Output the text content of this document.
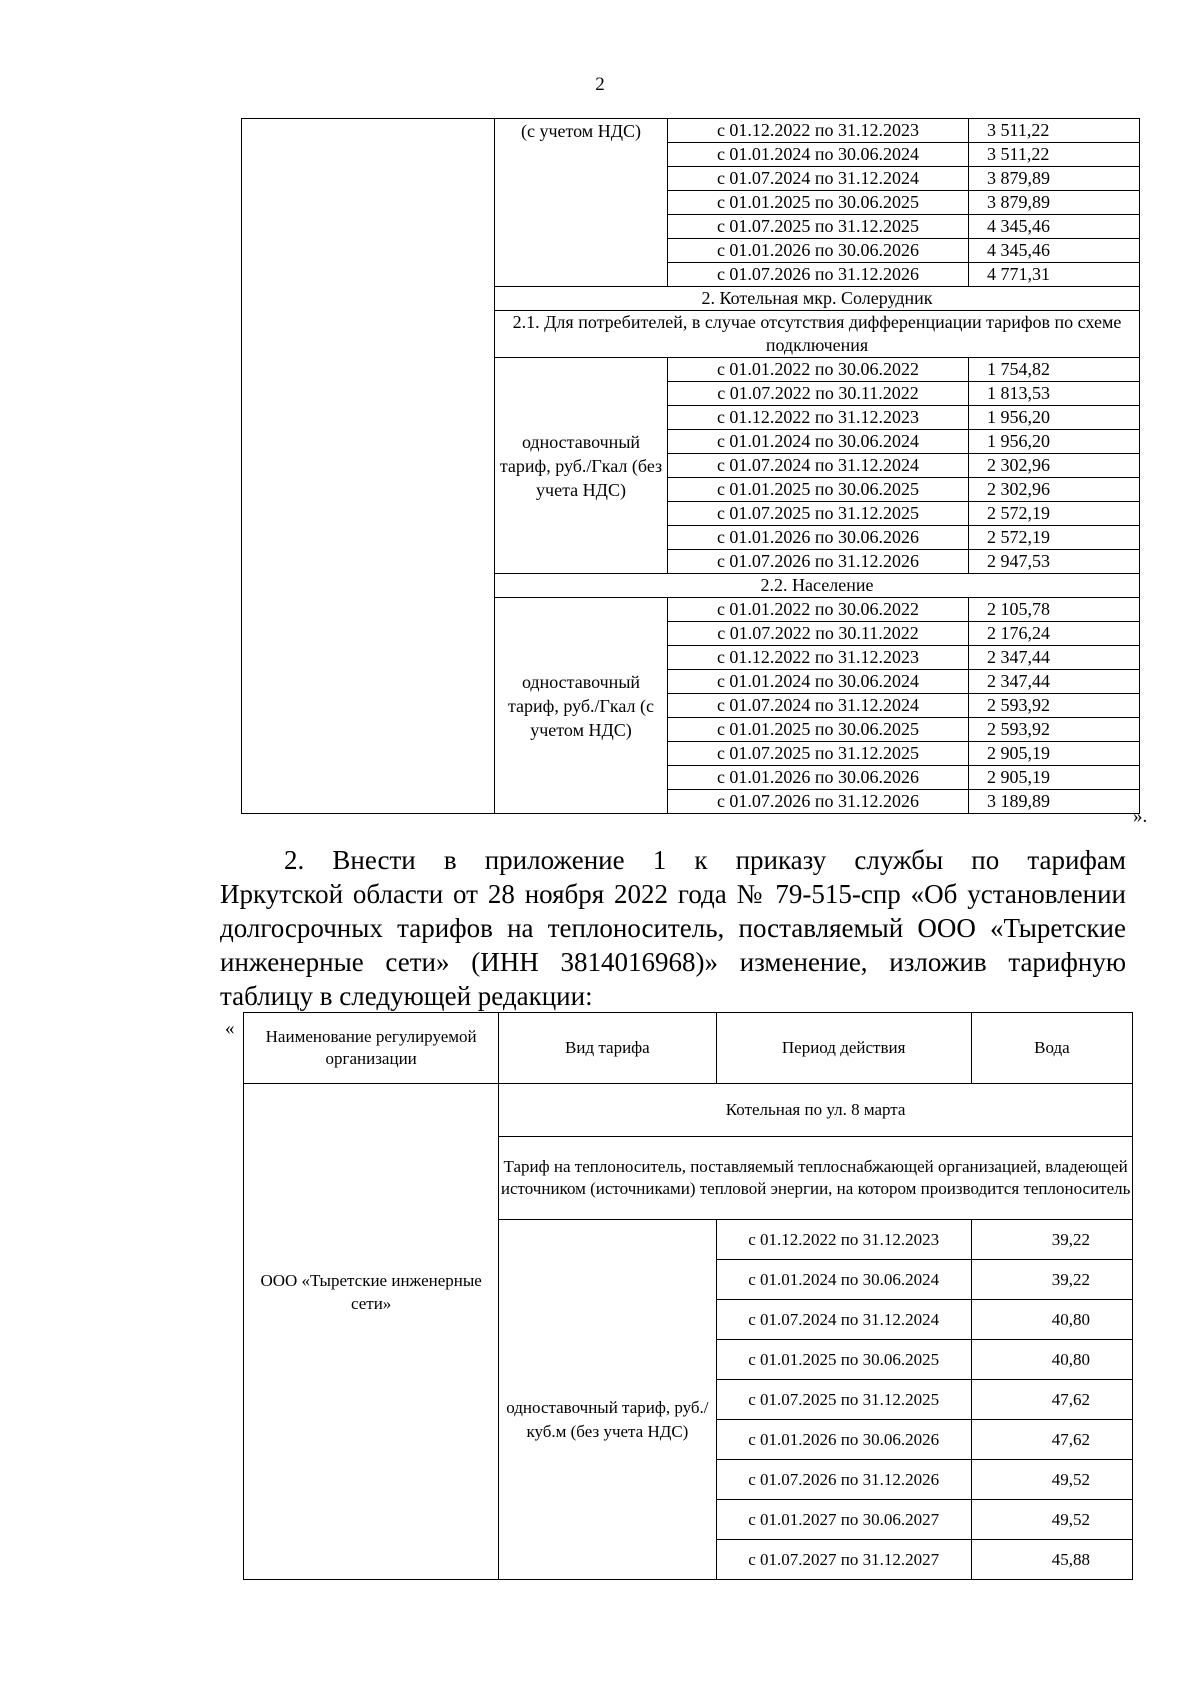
2
	(с учетом НДС)	с 01.12.2022 по 31.12.2023	3 511,22
		с 01.01.2024 по 30.06.2024	3 511,22
		с 01.07.2024 по 31.12.2024	3 879,89
		с 01.01.2025 по 30.06.2025	3 879,89
		с 01.07.2025 по 31.12.2025	4 345,46
		с 01.01.2026 по 30.06.2026	4 345,46
		с 01.07.2026 по 31.12.2026	4 771,31
	2. Котельная мкр. Солерудник		
	2.1. Для потребителей, в случае отсутствия дифференциации тарифов по схеме подключения		
	одноставочный тариф, руб./Гкал (без учета НДС)	с 01.01.2022 по 30.06.2022	1 754,82
		с 01.07.2022 по 30.11.2022	1 813,53
		с 01.12.2022 по 31.12.2023	1 956,20
		с 01.01.2024 по 30.06.2024	1 956,20
		с 01.07.2024 по 31.12.2024	2 302,96
		с 01.01.2025 по 30.06.2025	2 302,96
		с 01.07.2025 по 31.12.2025	2 572,19
		с 01.01.2026 по 30.06.2026	2 572,19
		с 01.07.2026 по 31.12.2026	2 947,53
	2.2. Население		
	одноставочный тариф, руб./Гкал (с учетом НДС)	с 01.01.2022 по 30.06.2022	2 105,78
		с 01.07.2022 по 30.11.2022	2 176,24
		с 01.12.2022 по 31.12.2023	2 347,44
		с 01.01.2024 по 30.06.2024	2 347,44
		с 01.07.2024 по 31.12.2024	2 593,92
		с 01.01.2025 по 30.06.2025	2 593,92
		с 01.07.2025 по 31.12.2025	2 905,19
		с 01.01.2026 по 30.06.2026	2 905,19
		с 01.07.2026 по 31.12.2026	3 189,89
».
2. Внести в приложение 1 к приказу службы по тарифам
Иркутской области от 28 ноября 2022 года № 79-515-спр «Об установлении
долгосрочных тарифов на теплоноситель, поставляемый ООО «Тыретские
инженерные сети» (ИНН 3814016968)» изменение, изложив тарифную
таблицу в следующей редакции:
« Наименование регулируемой организации	Вид тарифа	Период действия	Вода
ООО «Тыретские инженерные сети»	Котельная по ул. 8 марта		
	Тариф на теплоноситель, поставляемый теплоснабжающей организацией, владеющей источником (источниками) тепловой энергии, на котором производится теплоноситель		
	одноставочный тариф, руб./куб.м (без учета НДС)	с 01.12.2022 по 31.12.2023	39,22
		с 01.01.2024 по 30.06.2024	39,22
		с 01.07.2024 по 31.12.2024	40,80
		с 01.01.2025 по 30.06.2025	40,80
		с 01.07.2025 по 31.12.2025	47,62
		с 01.01.2026 по 30.06.2026	47,62
		с 01.07.2026 по 31.12.2026	49,52
		с 01.01.2027 по 30.06.2027	49,52
		с 01.07.2027 по 31.12.2027	45,88
